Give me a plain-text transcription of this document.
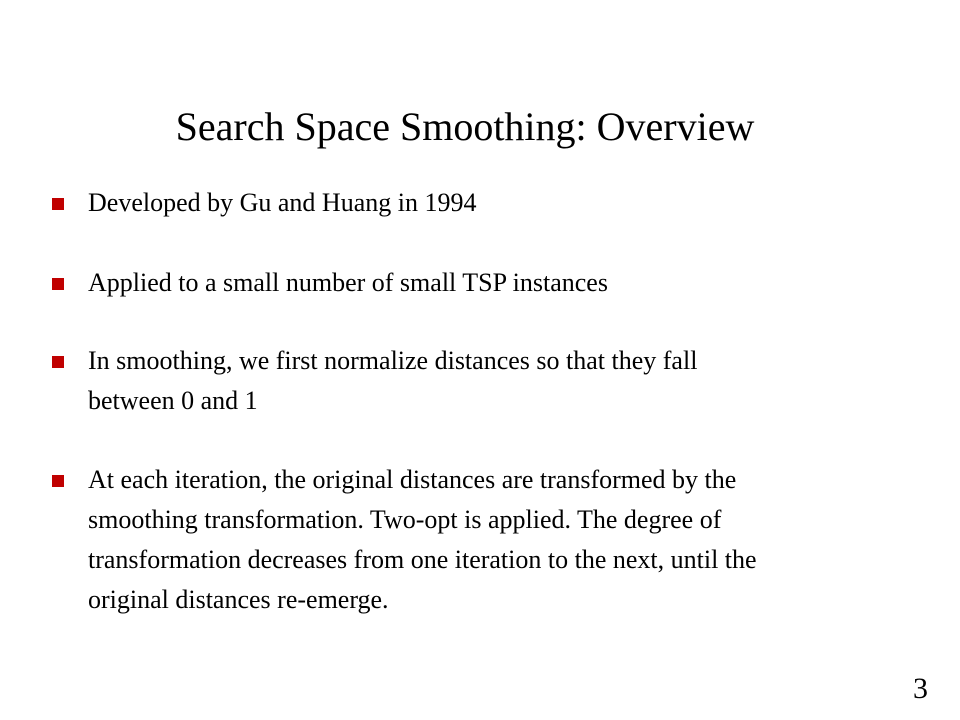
Search Space Smoothing: Overview
Developed by Gu and Huang in 1994
Applied to a small number of small TSP instances
In smoothing, we first normalize distances so that they fall
between 0 and 1
At each iteration, the original distances are transformed by the
smoothing transformation. Two-opt is applied. The degree of
transformation decreases from one iteration to the next, until the
original distances re-emerge.
3
